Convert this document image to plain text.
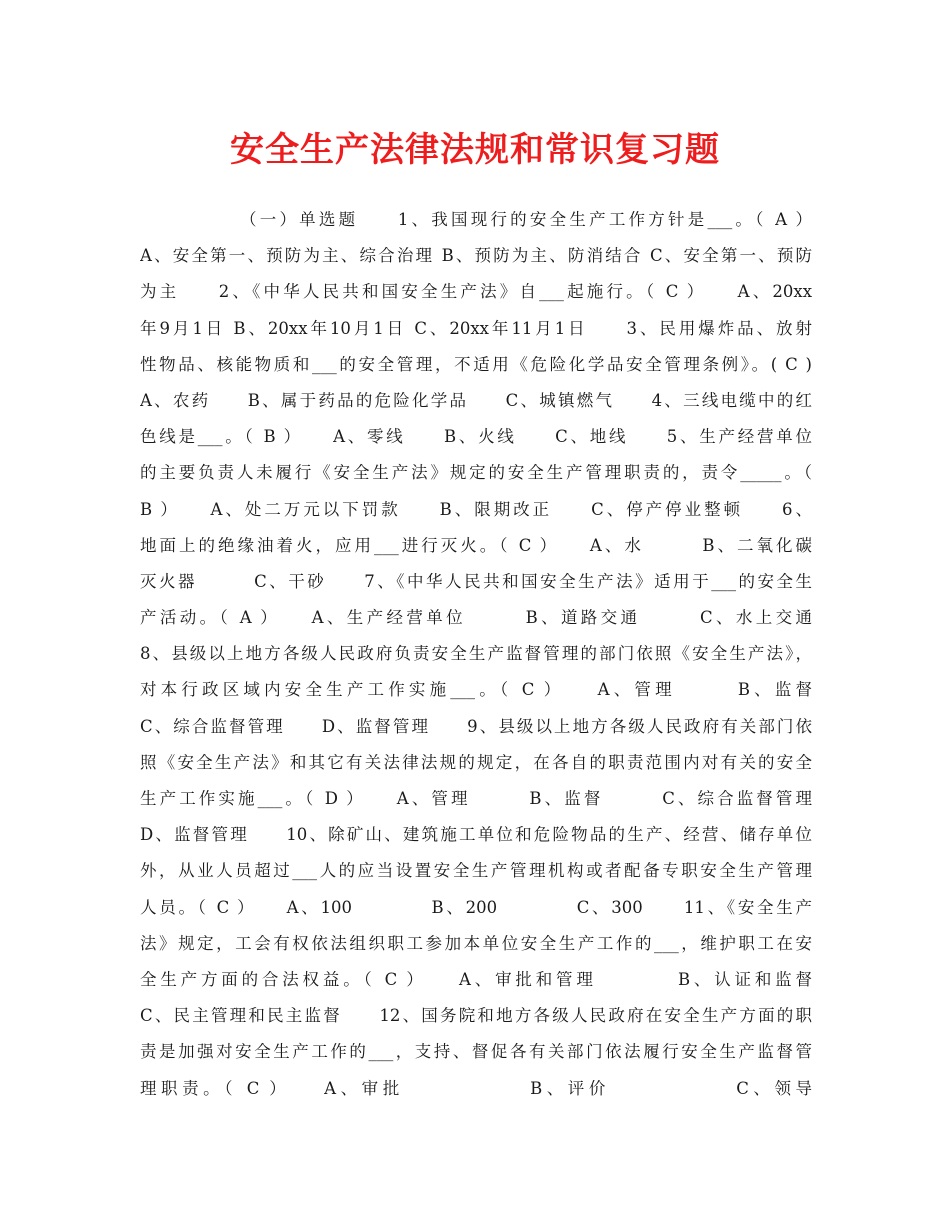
安全生产法律法规和常识复习题
（一）单选题　　1、我国现行的安全生产工作方针是___。（ A ）
A、安全第一、预防为主、综合治理 B、预防为主、防消结合 C、安全第一、预防
为主　　2、《中华人民共和国安全生产法》自___起施行。（ C ）　　A、20xx
年9月1日 B、20xx年10月1日 C、20xx年11月1日　　3、民用爆炸品、放射
性物品、核能物质和___的安全管理，不适用《危险化学品安全管理条例》。( C )
A、农药　　B、属于药品的危险化学品　　C、城镇燃气　　4、三线电缆中的红
色线是___。（ B ）　　A、零线　　B、火线　　C、地线　　5、生产经营单位
的主要负责人未履行《安全生产法》规定的安全生产管理职责的，责令_____。（
B ）　　A、处二万元以下罚款　　B、限期改正　　C、停产停业整顿　　6、
地面上的绝缘油着火，应用___进行灭火。（ C ）　　A、水　　　B、二氧化碳
灭火器　　　C、干砂　　7、《中华人民共和国安全生产法》适用于___的安全生
产活动。（ A ）　　A、生产经营单位　　　B、道路交通　　　C、水上交通
8、县级以上地方各级人民政府负责安全生产监督管理的部门依照《安全生产法》，
对本行政区域内安全生产工作实施___。（ C ）　　A、管理　　　B、监督
C、综合监督管理　　D、监督管理　　9、县级以上地方各级人民政府有关部门依
照《安全生产法》和其它有关法律法规的规定，在各自的职责范围内对有关的安全
生产工作实施___。（ D ）　　A、管理　　　B、监督　　　C、综合监督管理
D、监督管理　　10、除矿山、建筑施工单位和危险物品的生产、经营、储存单位
外，从业人员超过___人的应当设置安全生产管理机构或者配备专职安全生产管理
人员。（ C ）　　A、100　　　　B、200　　　　C、300　　11、《安全生产
法》规定，工会有权依法组织职工参加本单位安全生产工作的___，维护职工在安
全生产方面的合法权益。（ C ）　　A、审批和管理　　　　B、认证和监督
C、民主管理和民主监督　　12、国务院和地方各级人民政府在安全生产方面的职
责是加强对安全生产工作的___，支持、督促各有关部门依法履行安全生产监督管
理职责。（ C ）　　A、审批　　　　　　B、评价　　　　　　C、领导
